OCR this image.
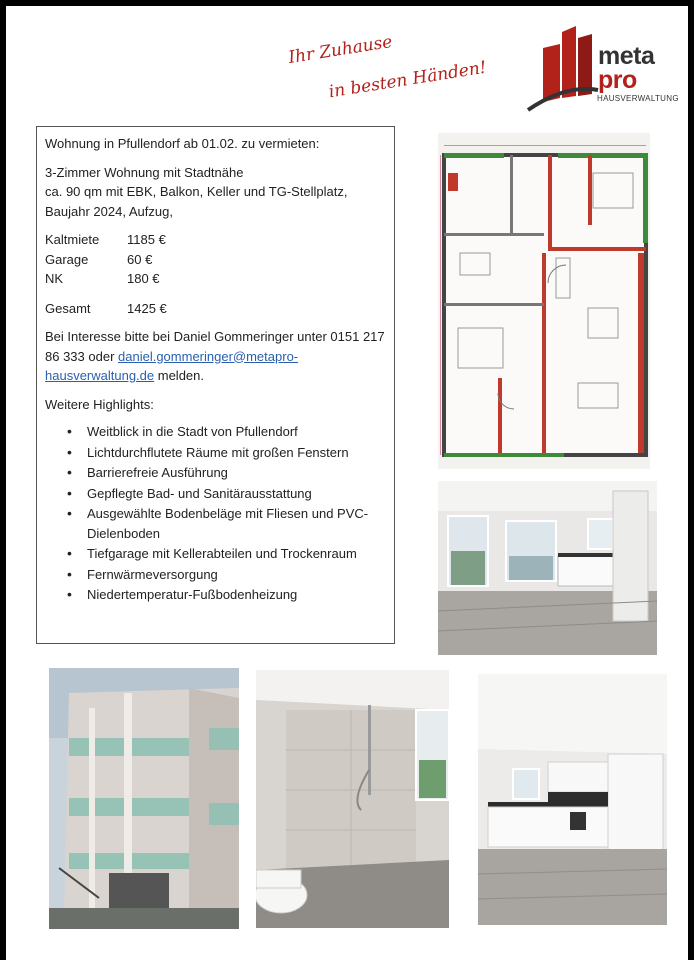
Ihr Zuhause
in besten Händen!
meta
pro
HAUSVERWALTUNG

Wohnung in Pfullendorf ab 01.02. zu vermieten:

3-Zimmer Wohnung mit Stadtnähe
ca. 90 qm mit EBK, Balkon, Keller und TG-Stellplatz,
Baujahr 2024, Aufzug,

Kaltmiete	1185 €
Garage	60 €
NK	180 €
Gesamt	1425 €

Bei Interesse bitte bei Daniel Gommeringer unter 0151 217 86 333 oder daniel.gommeringer@metapro-hausverwaltung.de melden.

Weitere Highlights:

• Weitblick in die Stadt von Pfullendorf
• Lichtdurchflutete Räume mit großen Fenstern
• Barrierefreie Ausführung
• Gepflegte Bad- und Sanitärausstattung
• Ausgewählte Bodenbeläge mit Fliesen und PVC-Dielenboden
• Tiefgarage mit Kellerabteilen und Trockenraum
• Fernwärmeversorgung
• Niedertemperatur-Fußbodenheizung
